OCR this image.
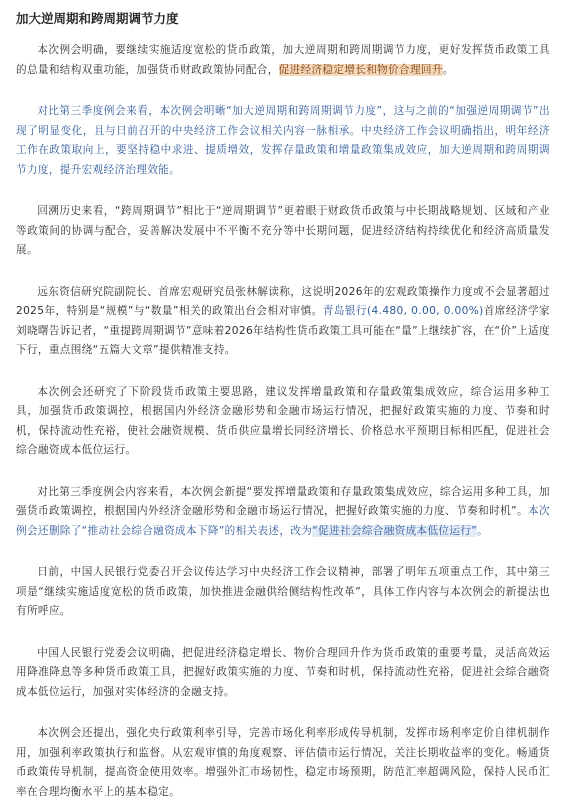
加大逆周期和跨周期调节力度

本次例会明确，要继续实施适度宽松的货币政策，加大逆周期和跨周期调节力度，更好发挥货币政策工具的总量和结构双重功能，加强货币财政政策协同配合，促进经济稳定增长和物价合理回升。

对比第三季度例会来看，本次例会明晰“加大逆周期和跨周期调节力度”，这与之前的“加强逆周期调节”出现了明显变化，且与日前召开的中央经济工作会议相关内容一脉相承。中央经济工作会议明确指出，明年经济工作在政策取向上，要坚持稳中求进、提质增效，发挥存量政策和增量政策集成效应，加大逆周期和跨周期调节力度，提升宏观经济治理效能。

回溯历史来看，“跨周期调节”相比于“逆周期调节”更着眼于财政货币政策与中长期战略规划、区域和产业等政策间的协调与配合，妥善解决发展中不平衡不充分等中长期问题，促进经济结构持续优化和经济高质量发展。

远东资信研究院副院长、首席宏观研究员张林解读称，这说明2026年的宏观政策操作力度或不会显著超过2025年，特别是“规模”与“数量”相关的政策出台会相对审慎。青岛银行(4.480, 0.00, 0.00%)首席经济学家刘晓曙告诉记者，“重提跨周期调节”意味着2026年结构性货币政策工具可能在“量”上继续扩容，在“价”上适度下行，重点围绕“五篇大文章”提供精准支持。

本次例会还研究了下阶段货币政策主要思路，建议发挥增量政策和存量政策集成效应，综合运用多种工具，加强货币政策调控，根据国内外经济金融形势和金融市场运行情况，把握好政策实施的力度、节奏和时机，保持流动性充裕，使社会融资规模、货币供应量增长同经济增长、价格总水平预期目标相匹配，促进社会综合融资成本低位运行。

对比第三季度例会内容来看，本次例会新提“要发挥增量政策和存量政策集成效应，综合运用多种工具，加强货币政策调控，根据国内外经济金融形势和金融市场运行情况，把握好政策实施的力度、节奏和时机”。本次例会还删除了“推动社会综合融资成本下降”的相关表述，改为“促进社会综合融资成本低位运行”。

日前，中国人民银行党委召开会议传达学习中央经济工作会议精神，部署了明年五项重点工作，其中第三项是“继续实施适度宽松的货币政策，加快推进金融供给侧结构性改革”，具体工作内容与本次例会的新提法也有所呼应。

中国人民银行党委会议明确，把促进经济稳定增长、物价合理回升作为货币政策的重要考量，灵活高效运用降准降息等多种货币政策工具，把握好政策实施的力度、节奏和时机，保持流动性充裕，促进社会综合融资成本低位运行，加强对实体经济的金融支持。

本次例会还提出，强化央行政策利率引导，完善市场化利率形成传导机制，发挥市场利率定价自律机制作用，加强利率政策执行和监督。从宏观审慎的角度观察、评估债市运行情况，关注长期收益率的变化。畅通货币政策传导机制，提高资金使用效率。增强外汇市场韧性，稳定市场预期，防范汇率超调风险，保持人民币汇率在合理均衡水平上的基本稳定。
